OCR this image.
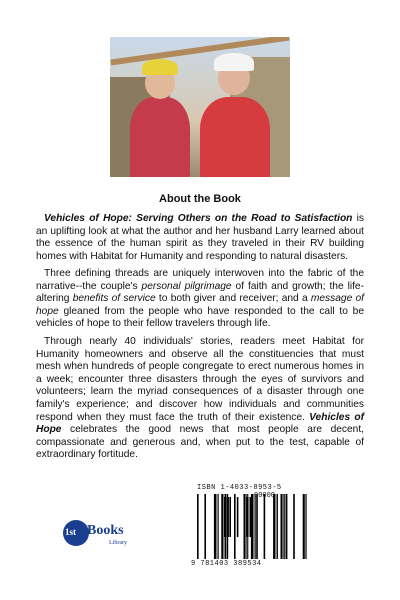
About the Book

Vehicles of Hope: Serving Others on the Road to Satisfaction is an uplifting look at what the author and her husband Larry learned about the essence of the human spirit as they traveled in their RV building homes with Habitat for Humanity and responding to natural disasters.

Three defining threads are uniquely interwoven into the fabric of the narrative--the couple's personal pilgrimage of faith and growth; the life-altering benefits of service to both giver and receiver; and a message of hope gleaned from the people who have responded to the call to be vehicles of hope to their fellow travelers through life.

Through nearly 40 individuals' stories, readers meet Habitat for Humanity homeowners and observe all the constituencies that must mesh when hundreds of people congregate to erect numerous homes in a week; encounter three disasters through the eyes of survivors and volunteers; learn the myriad consequences of a disaster through one family's experience; and discover how individuals and communities respond when they must face the truth of their existence. Vehicles of Hope celebrates the good news that most people are decent, compassionate and generous and, when put to the test, capable of extraordinary fortitude.

1st Books
Library
ISBN 1-4033-8953-5
9 781403 389534
90000
